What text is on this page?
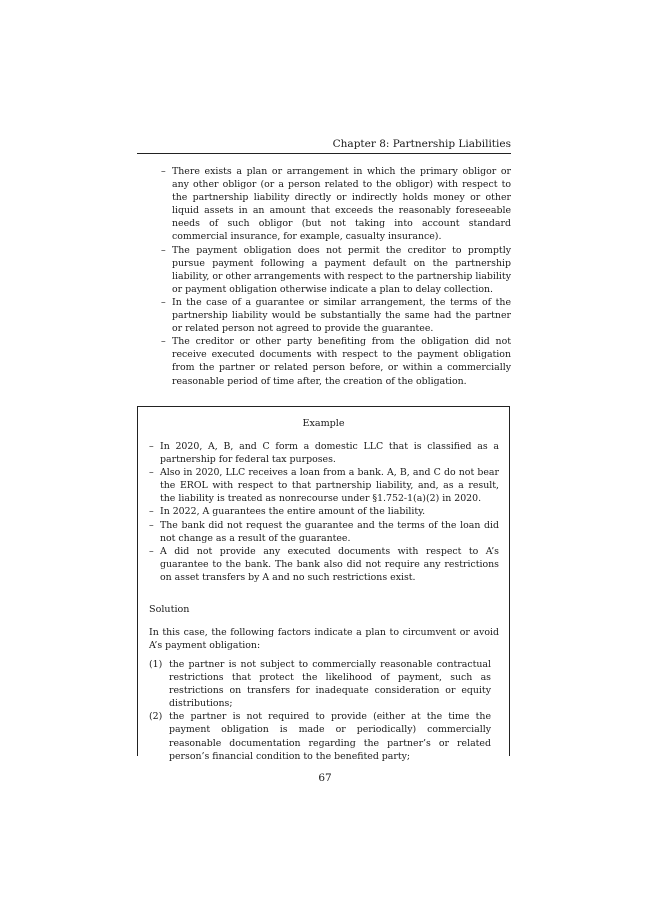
Chapter 8: Partnership Liabilities
– There exists a plan or arrangement in which the primary obligor or any other obligor (or a person related to the obligor) with respect to the partnership liability directly or indirectly holds money or other liquid assets in an amount that exceeds the reasonably foreseeable needs of such obligor (but not taking into account standard commercial insurance, for example, casualty insurance).
– The payment obligation does not permit the creditor to promptly pursue payment following a payment default on the partnership liability, or other arrangements with respect to the partnership liability or payment obligation otherwise indicate a plan to delay collection.
– In the case of a guarantee or similar arrangement, the terms of the partnership liability would be substantially the same had the partner or related person not agreed to provide the guarantee.
– The creditor or other party benefiting from the obligation did not receive executed documents with respect to the payment obligation from the partner or related person before, or within a commercially reasonable period of time after, the creation of the obligation.
Example
– In 2020, A, B, and C form a domestic LLC that is classified as a partnership for federal tax purposes.
– Also in 2020, LLC receives a loan from a bank. A, B, and C do not bear the EROL with respect to that partnership liability, and, as a result, the liability is treated as nonrecourse under §1.752-1(a)(2) in 2020.
– In 2022, A guarantees the entire amount of the liability.
– The bank did not request the guarantee and the terms of the loan did not change as a result of the guarantee.
– A did not provide any executed documents with respect to A’s guarantee to the bank. The bank also did not require any restrictions on asset transfers by A and no such restrictions exist.
Solution

In this case, the following factors indicate a plan to circumvent or avoid A’s payment obligation:

(1) the partner is not subject to commercially reasonable contractual restrictions that protect the likelihood of payment, such as restrictions on transfers for inadequate consideration or equity distributions;
(2) the partner is not required to provide (either at the time the payment obligation is made or periodically) commercially reasonable documentation regarding the partner’s or related person’s financial condition to the benefited party;
67
